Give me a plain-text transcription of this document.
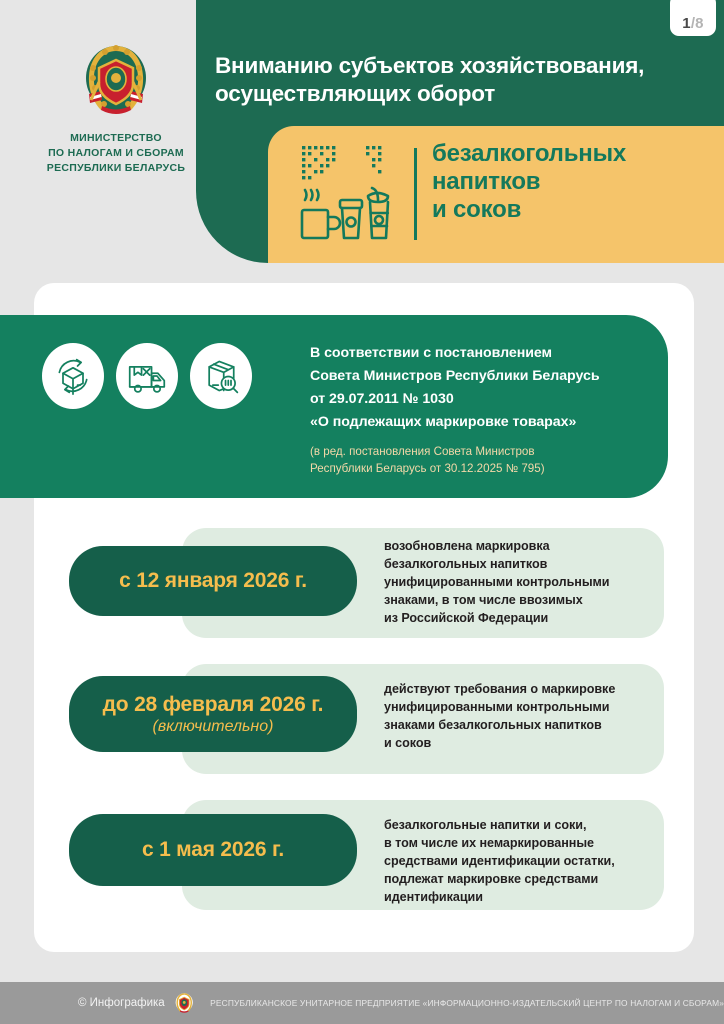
1 /8
Вниманию субъектов хозяйствования,
осуществляющих оборот
МИНИСТЕРСТВО
ПО НАЛОГАМ И СБОРАМ
РЕСПУБЛИКИ БЕЛАРУСЬ
безалкогольных
напитков
и соков
В соответствии с постановлением
Совета Министров Республики Беларусь
от 29.07.2011 № 1030
«О подлежащих маркировке товарах»
(в ред. постановления Совета Министров
Республики Беларусь от 30.12.2025 № 795)
с 12 января 2026 г.
возобновлена маркировка
безалкогольных напитков
унифицированными контрольными
знаками, в том числе ввозимых
из Российской Федерации
до 28 февраля 2026 г.
(включительно)
действуют требования о маркировке
унифицированными контрольными
знаками безалкогольных напитков
и соков
с 1 мая 2026 г.
безалкогольные напитки и соки,
в том числе их немаркированные
средствами идентификации остатки,
подлежат маркировке средствами
идентификации
© Инфографика	РЕСПУБЛИКАНСКОЕ УНИТАРНОЕ ПРЕДПРИЯТИЕ «ИНФОРМАЦИОННО-ИЗДАТЕЛЬСКИЙ ЦЕНТР ПО НАЛОГАМ И СБОРАМ»
